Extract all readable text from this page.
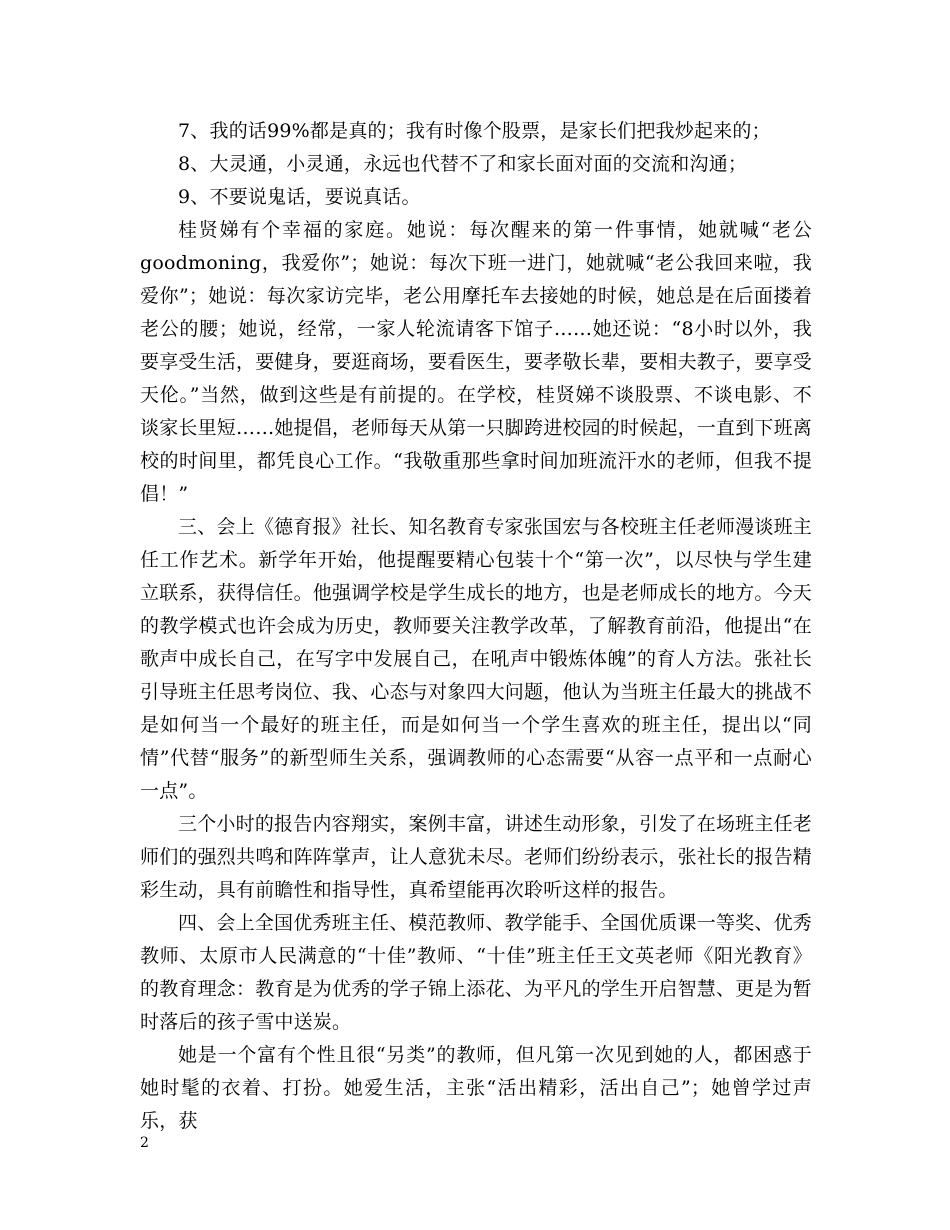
7、我的话99%都是真的；我有时像个股票，是家长们把我炒起来的；

8、大灵通，小灵通，永远也代替不了和家长面对面的交流和沟通；

9、不要说鬼话，要说真话。

桂贤娣有个幸福的家庭。她说：每次醒来的第一件事情，她就喊“老公goodmoning，我爱你”；她说：每次下班一进门，她就喊“老公我回来啦，我爱你”；她说：每次家访完毕，老公用摩托车去接她的时候，她总是在后面搂着老公的腰；她说，经常，一家人轮流请客下馆子……她还说：“8小时以外，我要享受生活，要健身，要逛商场，要看医生，要孝敬长辈，要相夫教子，要享受天伦。”当然，做到这些是有前提的。在学校，桂贤娣不谈股票、不谈电影、不谈家长里短……她提倡，老师每天从第一只脚跨进校园的时候起，一直到下班离校的时间里，都凭良心工作。“我敬重那些拿时间加班流汗水的老师，但我不提倡！”

三、会上《德育报》社长、知名教育专家张国宏与各校班主任老师漫谈班主任工作艺术。新学年开始，他提醒要精心包装十个“第一次”，以尽快与学生建立联系，获得信任。他强调学校是学生成长的地方，也是老师成长的地方。今天的教学模式也许会成为历史，教师要关注教学改革，了解教育前沿，他提出“在歌声中成长自己，在写字中发展自己，在吼声中锻炼体魄”的育人方法。张社长引导班主任思考岗位、我、心态与对象四大问题，他认为当班主任最大的挑战不是如何当一个最好的班主任，而是如何当一个学生喜欢的班主任，提出以“同情”代替“服务”的新型师生关系，强调教师的心态需要“从容一点平和一点耐心一点”。

三个小时的报告内容翔实，案例丰富，讲述生动形象，引发了在场班主任老师们的强烈共鸣和阵阵掌声，让人意犹未尽。老师们纷纷表示，张社长的报告精彩生动，具有前瞻性和指导性，真希望能再次聆听这样的报告。

四、会上全国优秀班主任、模范教师、教学能手、全国优质课一等奖、优秀教师、太原市人民满意的“十佳”教师、“十佳”班主任王文英老师《阳光教育》的教育理念：教育是为优秀的学子锦上添花、为平凡的学生开启智慧、更是为暂时落后的孩子雪中送炭。

她是一个富有个性且很“另类”的教师，但凡第一次见到她的人，都困惑于她时髦的衣着、打扮。她爱生活，主张“活出精彩，活出自己”；她曾学过声乐，获

2
